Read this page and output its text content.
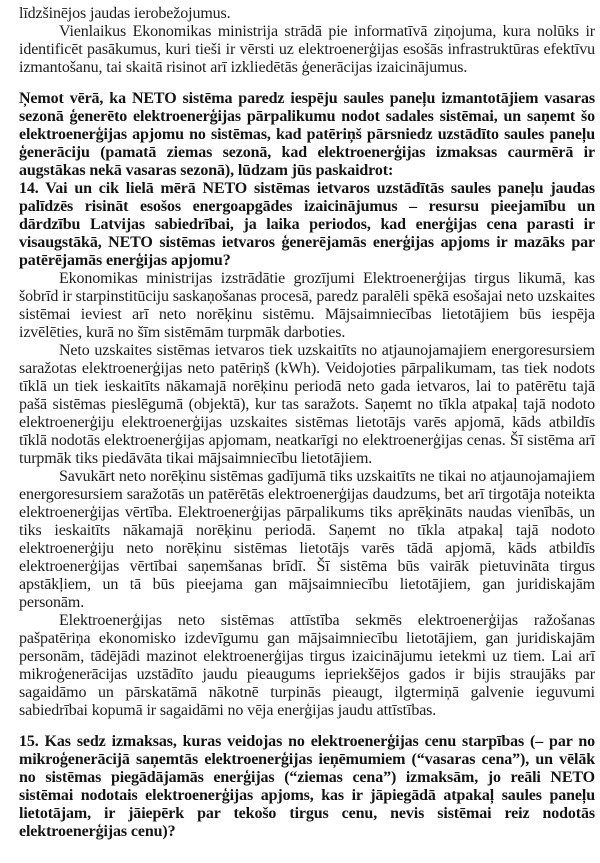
līdzšinējos jaudas ierobežojumus.

Vienlaikus Ekonomikas ministrija strādā pie informatīvā ziņojuma, kura nolūks ir identificēt pasākumus, kuri tieši ir vērsti uz elektroenerģijas esošās infrastruktūras efektīvu izmantošanu, tai skaitā risinot arī izkliedētās ģenerācijas izaicinājumus.

Ņemot vērā, ka NETO sistēma paredz iespēju saules paneļu izmantotājiem vasaras sezonā ģenerēto elektroenerģijas pārpalikumu nodot sadales sistēmai, un saņemt šo elektroenerģijas apjomu no sistēmas, kad patēriņš pārsniedz uzstādīto saules paneļu ģenerāciju (pamatā ziemas sezonā, kad elektroenerģijas izmaksas caurmērā ir augstākas nekā vasaras sezonā), lūdzam jūs paskaidrot:

14. Vai un cik lielā mērā NETO sistēmas ietvaros uzstādītās saules paneļu jaudas palīdzēs risināt esošos energoapgādes izaicinājumus – resursu pieejamību un dārdzību Latvijas sabiedrībai, ja laika periodos, kad enerģijas cena parasti ir visaugstākā, NETO sistēmas ietvaros ģenerējamās enerģijas apjoms ir mazāks par patērējamās enerģijas apjomu?

Ekonomikas ministrijas izstrādātie grozījumi Elektroenerģijas tirgus likumā, kas šobrīd ir starpinstitūciju saskaņošanas procesā, paredz paralēli spēkā esošajai neto uzskaites sistēmai ieviest arī neto norēķinu sistēmu. Mājsaimniecības lietotājiem būs iespēja izvēlēties, kurā no šīm sistēmām turpmāk darboties.

Neto uzskaites sistēmas ietvaros tiek uzskaitīts no atjaunojamajiem energoresursiem saražotas elektroenerģijas neto patēriņš (kWh). Veidojoties pārpalikumam, tas tiek nodots tīklā un tiek ieskaitīts nākamajā norēķinu periodā neto gada ietvaros, lai to patērētu tajā pašā sistēmas pieslēgumā (objektā), kur tas saražots. Saņemt no tīkla atpakaļ tajā nodoto elektroenerģiju elektroenerģijas uzskaites sistēmas lietotājs varēs apjomā, kāds atbildīs tīklā nodotās elektroenerģijas apjomam, neatkarīgi no elektroenerģijas cenas. Šī sistēma arī turpmāk tiks piedāvāta tikai mājsaimniecību lietotājiem.

Savukārt neto norēķinu sistēmas gadījumā tiks uzskaitīts ne tikai no atjaunojamajiem energoresursiem saražotās un patērētās elektroenerģijas daudzums, bet arī tirgotāja noteikta elektroenerģijas vērtība. Elektroenerģijas pārpalikums tiks aprēķināts naudas vienībās, un tiks ieskaitīts nākamajā norēķinu periodā. Saņemt no tīkla atpakaļ tajā nodoto elektroenerģiju neto norēķinu sistēmas lietotājs varēs tādā apjomā, kāds atbildīs elektroenerģijas vērtībai saņemšanas brīdī. Šī sistēma būs vairāk pietuvināta tirgus apstākļiem, un tā būs pieejama gan mājsaimniecību lietotājiem, gan juridiskajām personām.

Elektroenerģijas neto sistēmas attīstība sekmēs elektroenerģijas ražošanas pašpatēriņa ekonomisko izdevīgumu gan mājsaimniecību lietotājiem, gan juridiskajām personām, tādējādi mazinot elektroenerģijas tirgus izaicinājumu ietekmi uz tiem. Lai arī mikroģenerācijas uzstādīto jaudu pieaugums iepriekšējos gados ir bijis straujāks par sagaidāmo un pārskatāmā nākotnē turpinās pieaugt, ilgtermiņā galvenie ieguvumi sabiedrībai kopumā ir sagaidāmi no vēja enerģijas jaudu attīstības.

15. Kas sedz izmaksas, kuras veidojas no elektroenerģijas cenu starpības (– par no mikroģenerācijā saņemtās elektroenerģijas ieņēmumiem (“vasaras cena”), un vēlāk no sistēmas piegādājamās enerģijas (“ziemas cena”) izmaksām, jo reāli NETO sistēmai nodotais elektroenerģijas apjoms, kas ir jāpiegādā atpakaļ saules paneļu lietotājam, ir jāiepērk par tekošo tirgus cenu, nevis sistēmai reiz nodotās elektroenerģijas cenu)?
